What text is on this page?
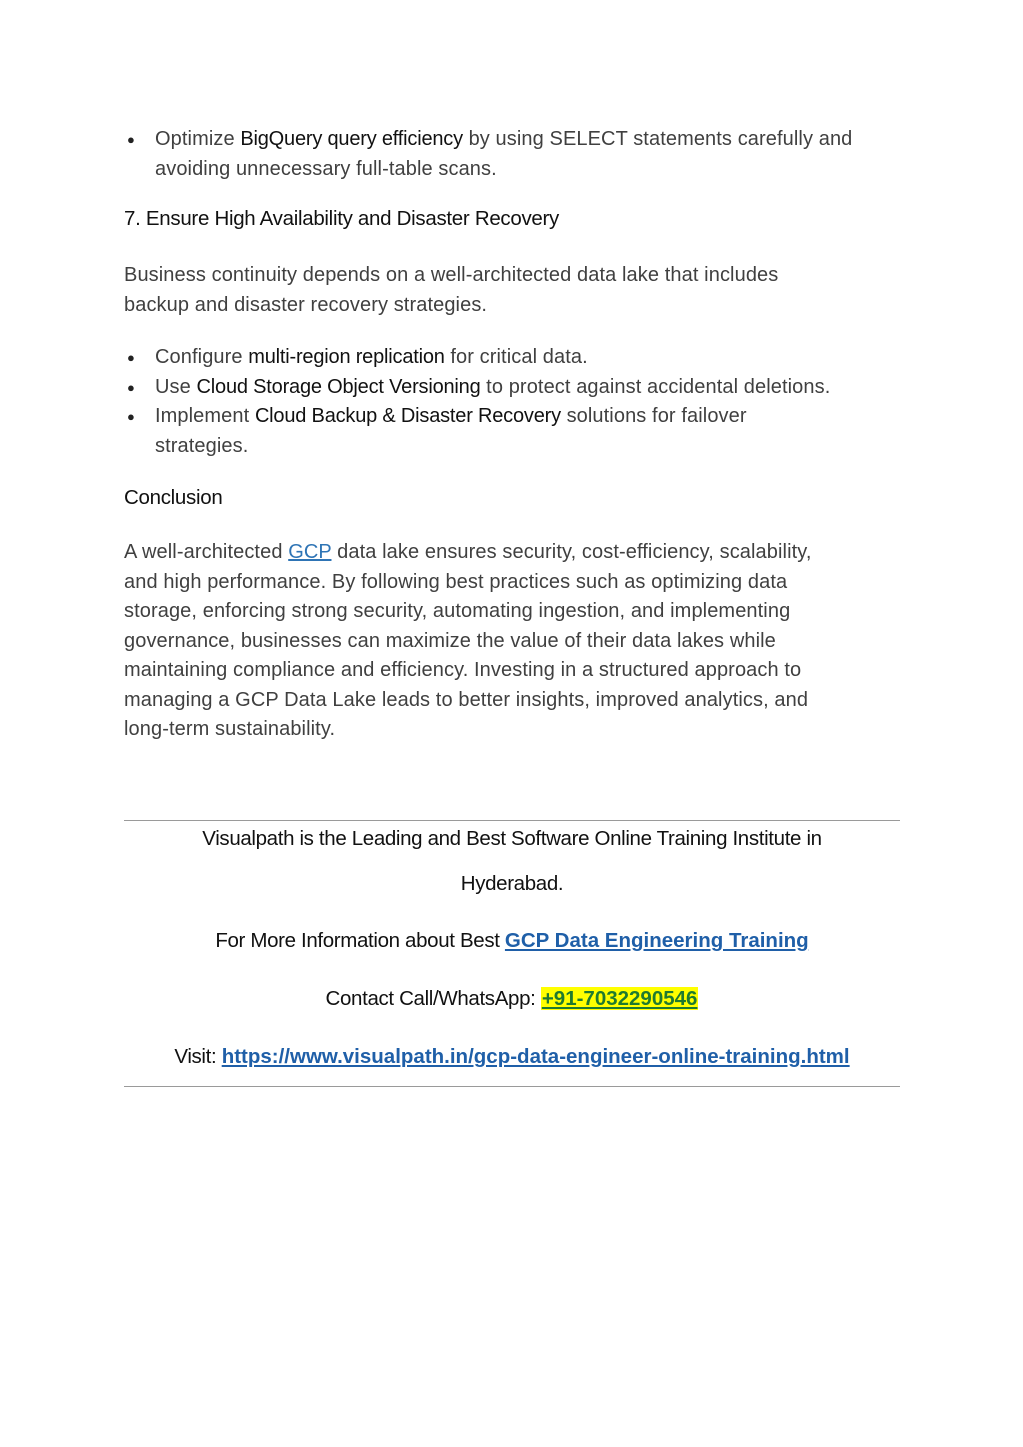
● Optimize BigQuery query efficiency by using SELECT statements carefully and
avoiding unnecessary full-table scans.

7. Ensure High Availability and Disaster Recovery

Business continuity depends on a well-architected data lake that includes
backup and disaster recovery strategies.

● Configure multi-region replication for critical data.
● Use Cloud Storage Object Versioning to protect against accidental deletions.
● Implement Cloud Backup & Disaster Recovery solutions for failover
strategies.

Conclusion

A well-architected GCP data lake ensures security, cost-efficiency, scalability,
and high performance. By following best practices such as optimizing data
storage, enforcing strong security, automating ingestion, and implementing
governance, businesses can maximize the value of their data lakes while
maintaining compliance and efficiency. Investing in a structured approach to
managing a GCP Data Lake leads to better insights, improved analytics, and
long-term sustainability.

Visualpath is the Leading and Best Software Online Training Institute in
Hyderabad.
For More Information about Best GCP Data Engineering Training
Contact Call/WhatsApp: +91-7032290546
Visit: https://www.visualpath.in/gcp-data-engineer-online-training.html
